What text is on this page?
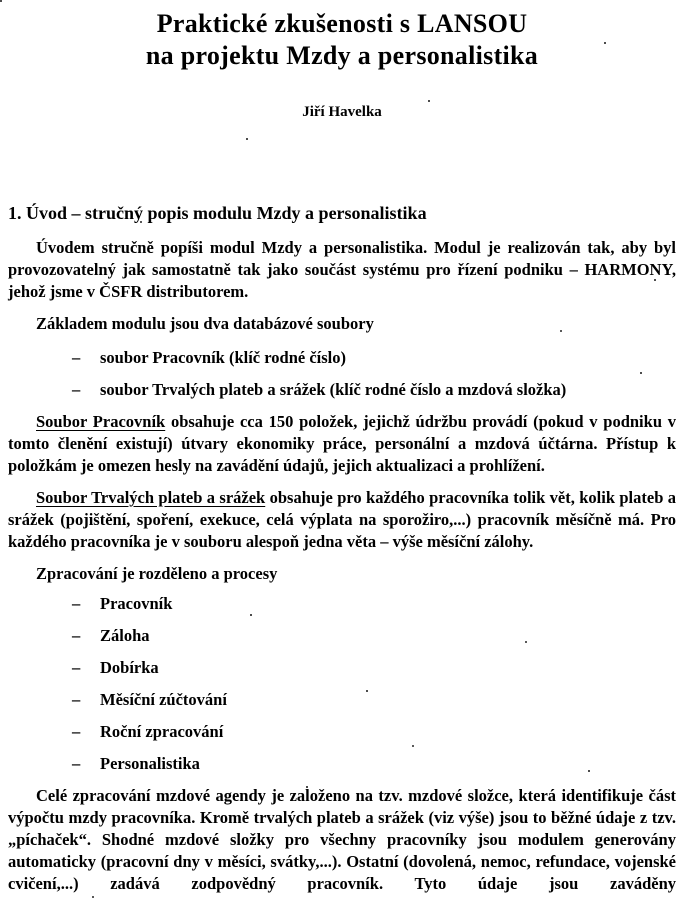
Praktické zkušenosti s LANSOU
na projektu Mzdy a personalistika
Jiří Havelka
1. Úvod – stručný popis modulu Mzdy a personalistika

Úvodem stručně popíši modul Mzdy a personalistika. Modul je realizován tak, aby byl provozovatelný jak samostatně tak jako součást systému pro řízení podniku – HARMONY, jehož jsme v ČSFR distributorem.

Základem modulu jsou dva databázové soubory

– soubor Pracovník (klíč rodné číslo)
– soubor Trvalých plateb a srážek (klíč rodné číslo a mzdová složka)

Soubor Pracovník obsahuje cca 150 položek, jejichž údržbu provádí (pokud v podniku v tomto členění existují) útvary ekonomiky práce, personální a mzdová účtárna. Přístup k položkám je omezen hesly na zavádění údajů, jejich aktualizaci a prohlížení.

Soubor Trvalých plateb a srážek obsahuje pro každého pracovníka tolik vět, kolik plateb a srážek (pojištění, spoření, exekuce, celá výplata na sporožiro,...) pracovník měsíčně má. Pro každého pracovníka je v souboru alespoň jedna věta – výše měsíční zálohy.

Zpracování je rozděleno a procesy

– Pracovník
– Záloha
– Dobírka
– Měsíční zúčtování
– Roční zpracování
– Personalistika

Celé zpracování mzdové agendy je založeno na tzv. mzdové složce, která identifikuje část výpočtu mzdy pracovníka. Kromě trvalých plateb a srážek (viz výše) jsou to běžné údaje z tzv. „píchaček“. Shodné mzdové složky pro všechny pracovníky jsou modulem generovány automaticky (pracovní dny v měsíci, svátky,...). Ostatní (dovolená, nemoc, refundace, vojenské cvičení,...) zadává zodpovědný pracovník. Tyto údaje jsou zaváděny
